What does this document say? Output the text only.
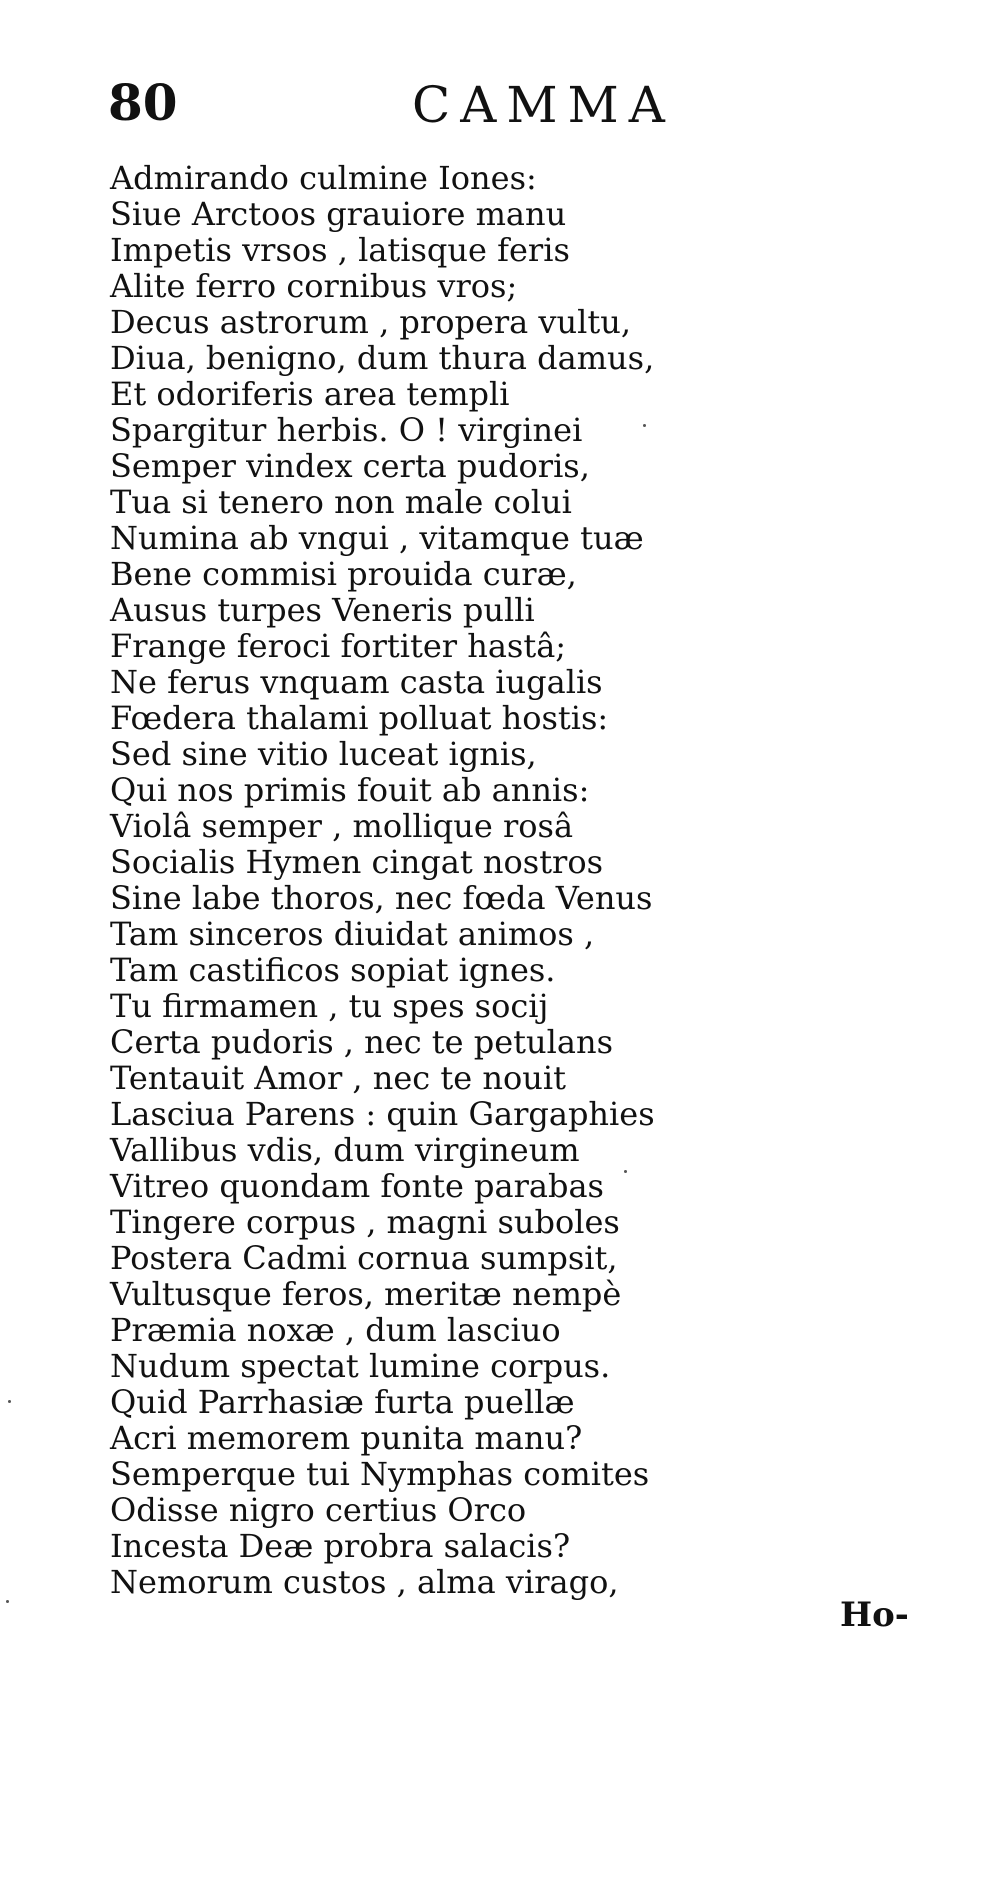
80	CAMMA
Admirando culmine Iones:
Siue Arctoos grauiore manu
Impetis vrsos , latisque feris
Alite ferro cornibus vros;
Decus astrorum , propera vultu,
Diua, benigno, dum thura damus,
Et odoriferis area templi
Spargitur herbis. O ! virginei
Semper vindex certa pudoris,
Tua si tenero non male colui
Numina ab vngui , vitamque tuæ
Bene commisi prouida curæ,
Ausus turpes Veneris pulli
Frange feroci fortiter hastâ;
Ne ferus vnquam casta iugalis
Fœdera thalami polluat hostis:
Sed sine vitio luceat ignis,
Qui nos primis fouit ab annis:
Violâ semper , mollique rosâ
Socialis Hymen cingat nostros
Sine labe thoros, nec fœda Venus
Tam sinceros diuidat animos ,
Tam castificos sopiat ignes.
Tu firmamen , tu spes socij
Certa pudoris , nec te petulans
Tentauit Amor , nec te nouit
Lasciua Parens : quin Gargaphies
Vallibus vdis, dum virgineum
Vitreo quondam fonte parabas
Tingere corpus , magni suboles
Postera Cadmi cornua sumpsit,
Vultusque feros, meritæ nempè
Præmia noxæ , dum lasciuo
Nudum spectat lumine corpus.
Quid Parrhasiæ furta puellæ
Acri memorem punita manu?
Semperque tui Nymphas comites
Odisse nigro certius Orco
Incesta Deæ probra salacis?
Nemorum custos , alma virago,
Ho-
